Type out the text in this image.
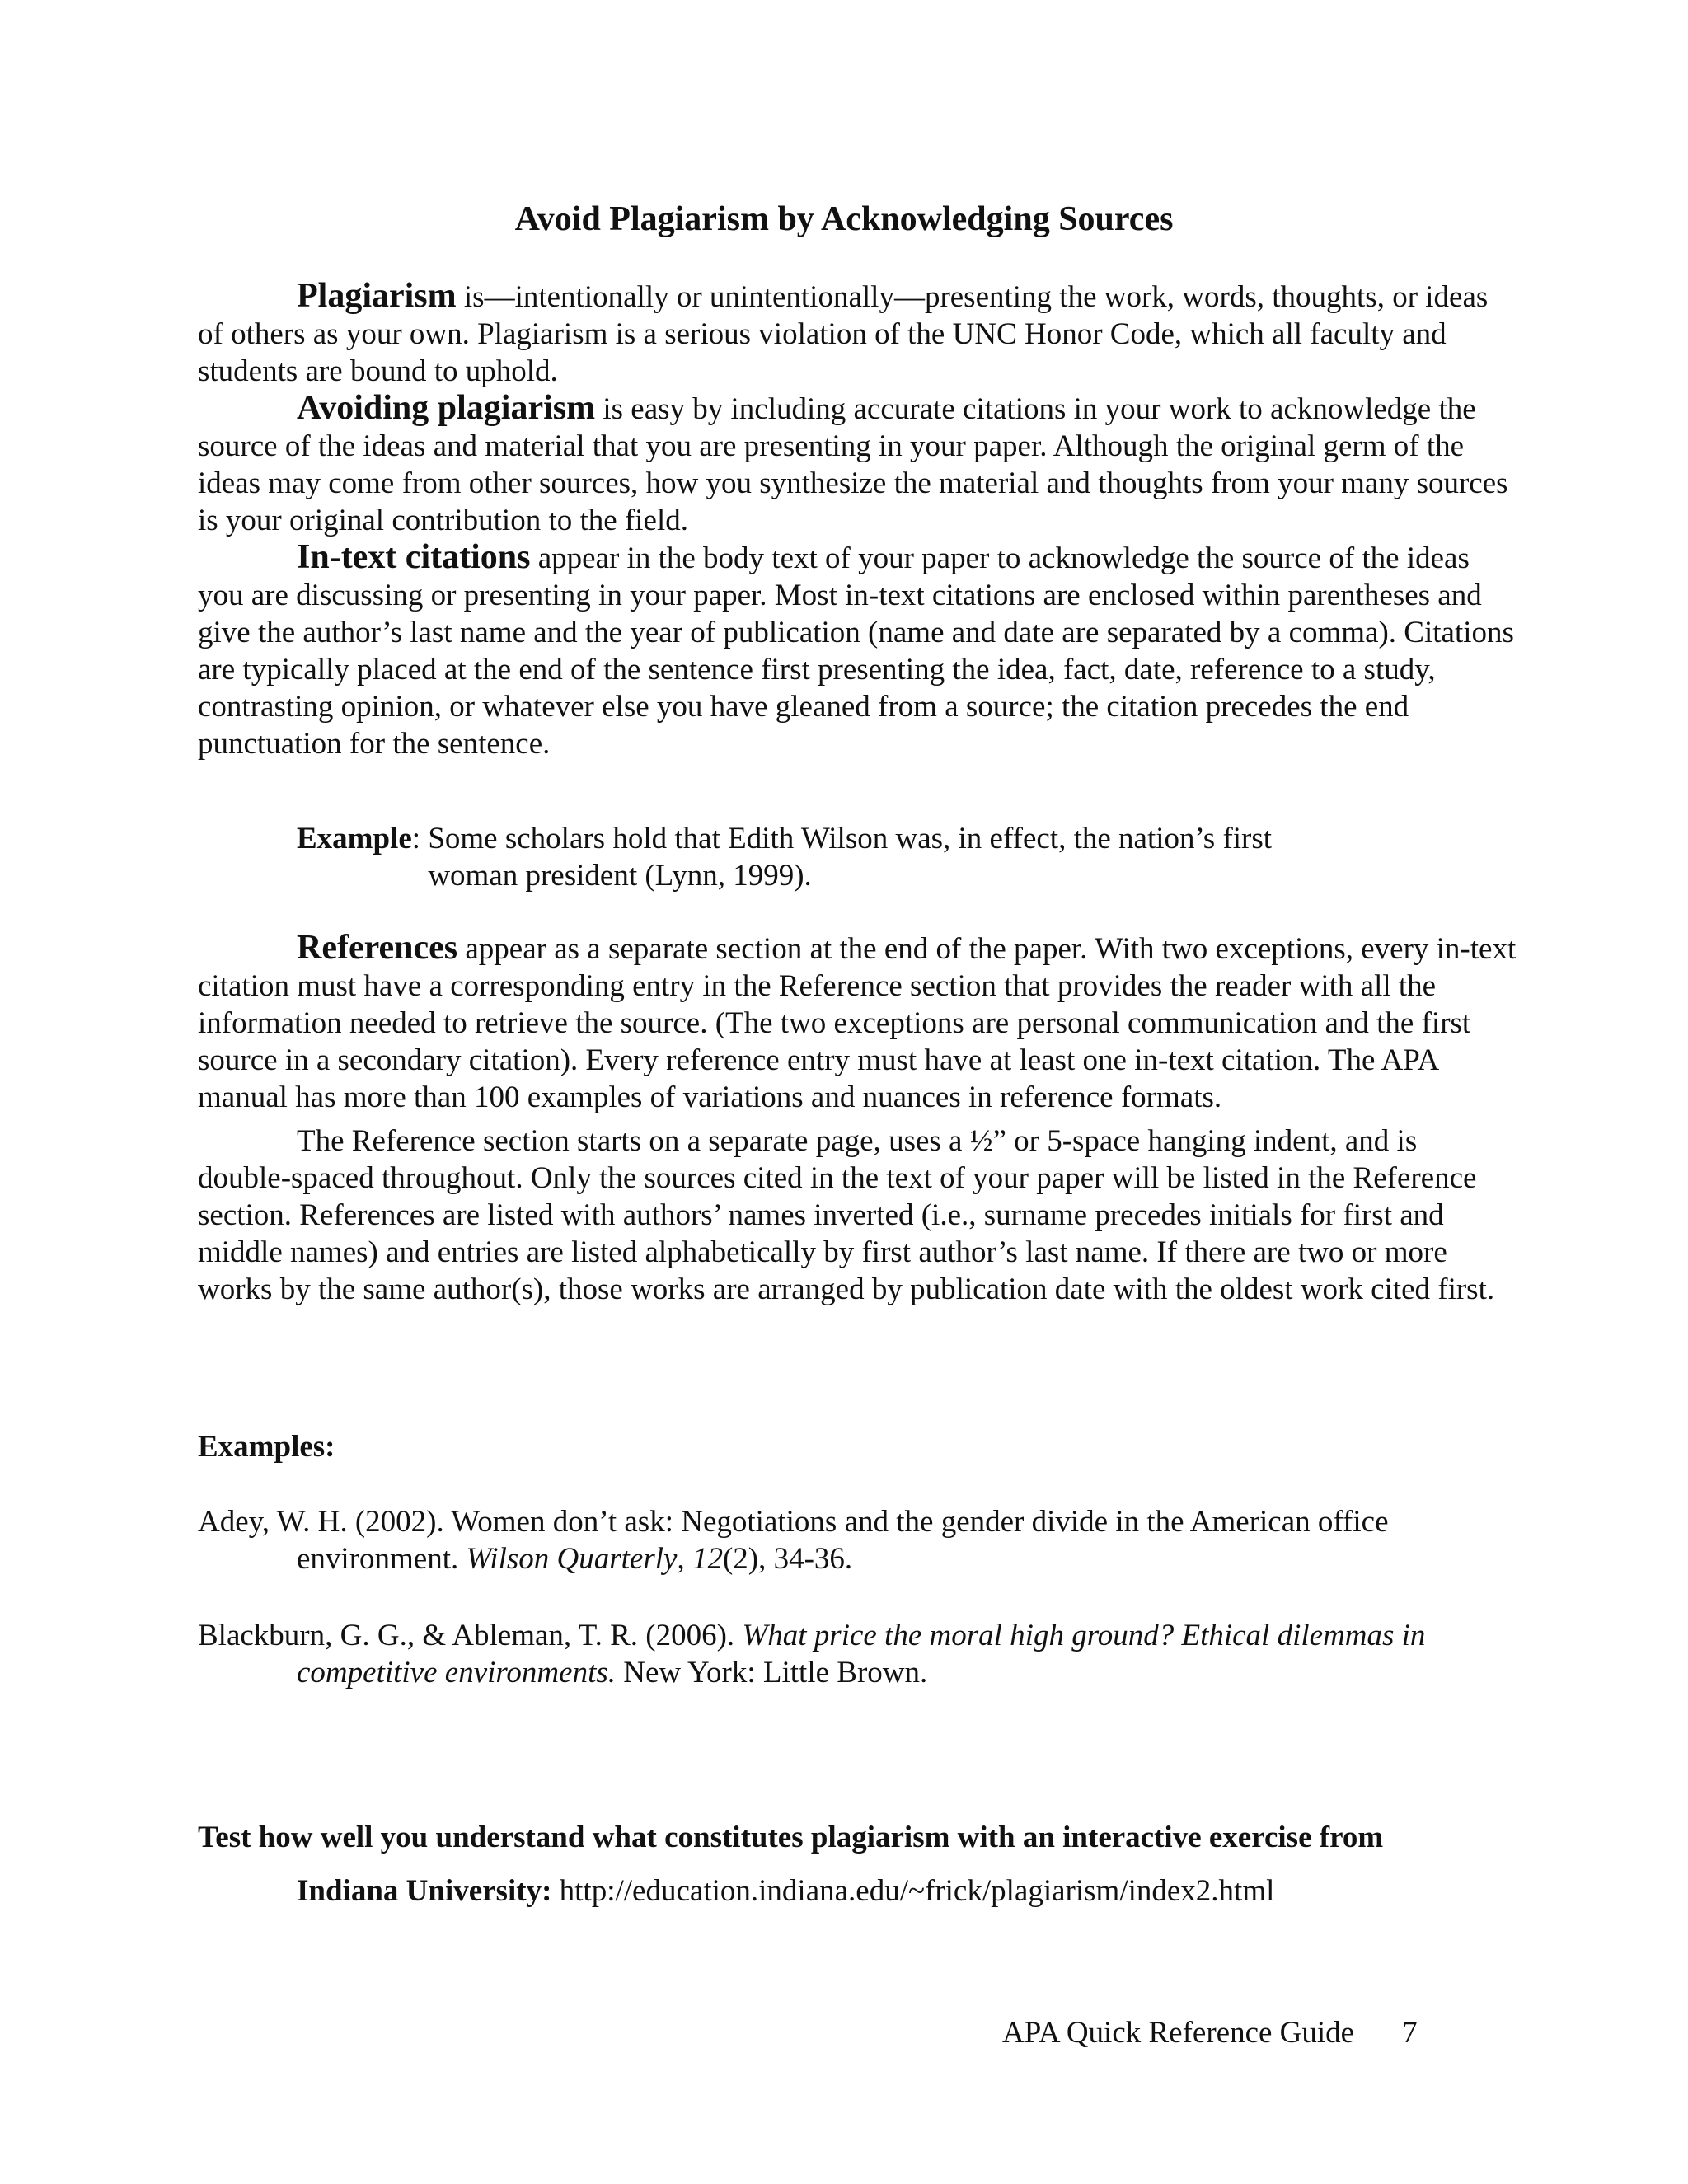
Avoid Plagiarism by Acknowledging Sources

Plagiarism is—intentionally or unintentionally—presenting the work, words, thoughts, or ideas of others as your own. Plagiarism is a serious violation of the UNC Honor Code, which all faculty and students are bound to uphold.

Avoiding plagiarism is easy by including accurate citations in your work to acknowledge the source of the ideas and material that you are presenting in your paper. Although the original germ of the ideas may come from other sources, how you synthesize the material and thoughts from your many sources is your original contribution to the field.

In-text citations appear in the body text of your paper to acknowledge the source of the ideas you are discussing or presenting in your paper. Most in-text citations are enclosed within parentheses and give the author’s last name and the year of publication (name and date are separated by a comma). Citations are typically placed at the end of the sentence first presenting the idea, fact, date, reference to a study, contrasting opinion, or whatever else you have gleaned from a source; the citation precedes the end punctuation for the sentence.

Example : Some scholars hold that Edith Wilson was, in effect, the nation’s first
woman president (Lynn, 1999).

References appear as a separate section at the end of the paper. With two exceptions, every in-text citation must have a corresponding entry in the Reference section that provides the reader with all the information needed to retrieve the source. (The two exceptions are personal communication and the first source in a secondary citation). Every reference entry must have at least one in-text citation. The APA manual has more than 100 examples of variations and nuances in reference formats.

The Reference section starts on a separate page, uses a ½” or 5-space hanging indent, and is double-spaced throughout. Only the sources cited in the text of your paper will be listed in the Reference section. References are listed with authors’ names inverted (i.e., surname precedes initials for first and middle names) and entries are listed alphabetically by first author’s last name. If there are two or more works by the same author(s), those works are arranged by publication date with the oldest work cited first.

Examples:

Adey, W. H. (2002). Women don’t ask: Negotiations and the gender divide in the American office environment. Wilson Quarterly, 12(2), 34-36.

Blackburn, G. G., & Ableman, T. R. (2006). What price the moral high ground? Ethical dilemmas in competitive environments. New York: Little Brown.

Test how well you understand what constitutes plagiarism with an interactive exercise from

Indiana University: http://education.indiana.edu/~frick/plagiarism/index2.html

APA Quick Reference Guide 7
